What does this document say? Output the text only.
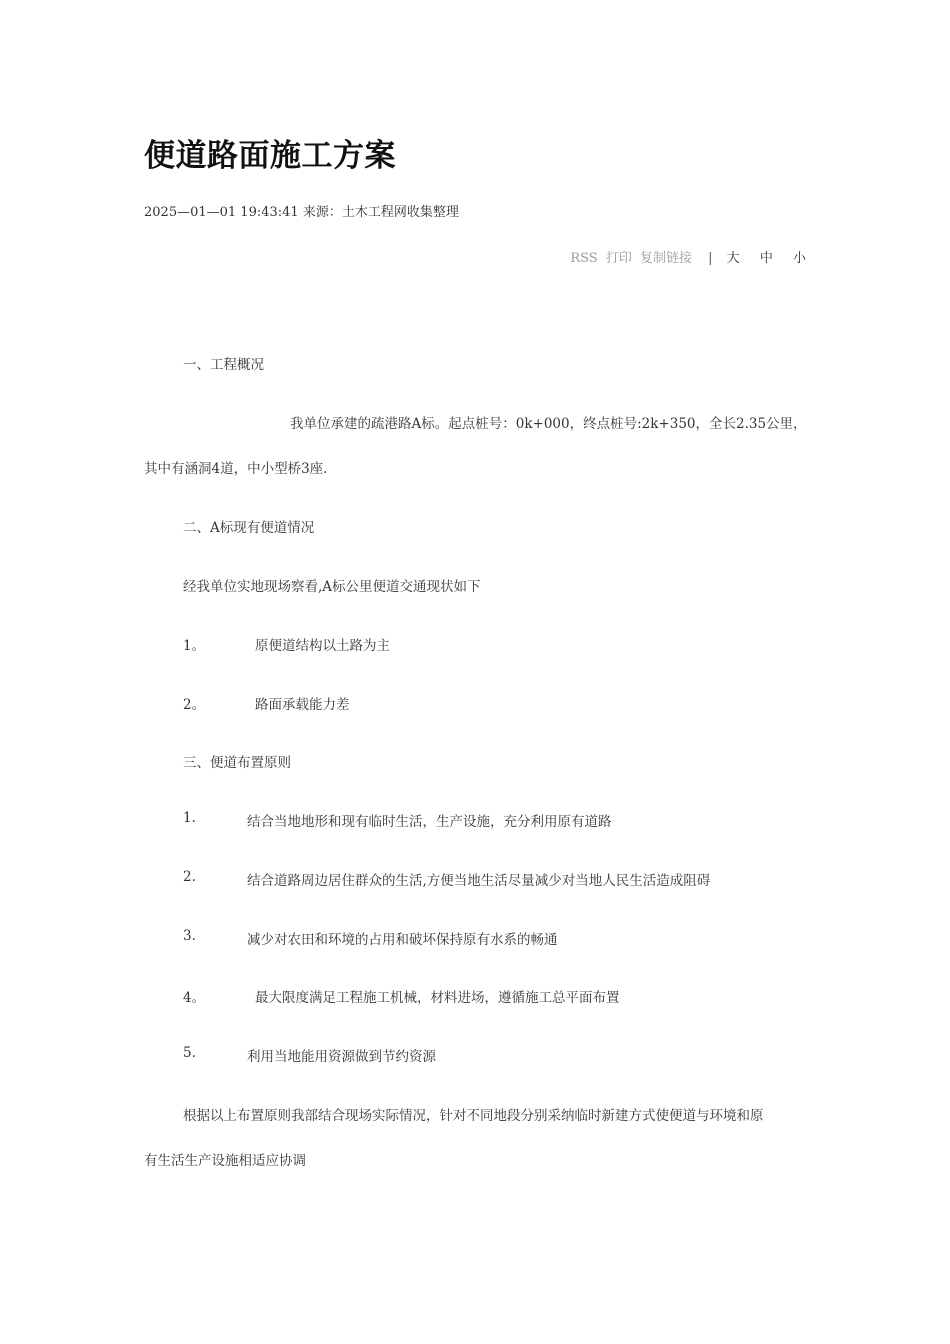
便道路面施工方案
2025—01—01 19:43:41 来源：土木工程网收集整理
RSS 打印 复制链接 | 大 中 小
一、工程概况
我单位承建的疏港路A标。起点桩号：0k+000，终点桩号:2k+350，全长2.35公里，
其中有涵洞4道，中小型桥3座.
二、A标现有便道情况
经我单位实地现场察看,A标公里便道交通现状如下
1。	原便道结构以土路为主
2。	路面承载能力差
三、便道布置原则
1.	结合当地地形和现有临时生活，生产设施，充分利用原有道路
2.	结合道路周边居住群众的生活,方便当地生活尽量减少对当地人民生活造成阻碍
3.	减少对农田和环境的占用和破坏保持原有水系的畅通
4。	最大限度满足工程施工机械，材料进场，遵循施工总平面布置
5.	利用当地能用资源做到节约资源
根据以上布置原则我部结合现场实际情况，针对不同地段分别采纳临时新建方式使便道与环境和原
有生活生产设施相适应协调
